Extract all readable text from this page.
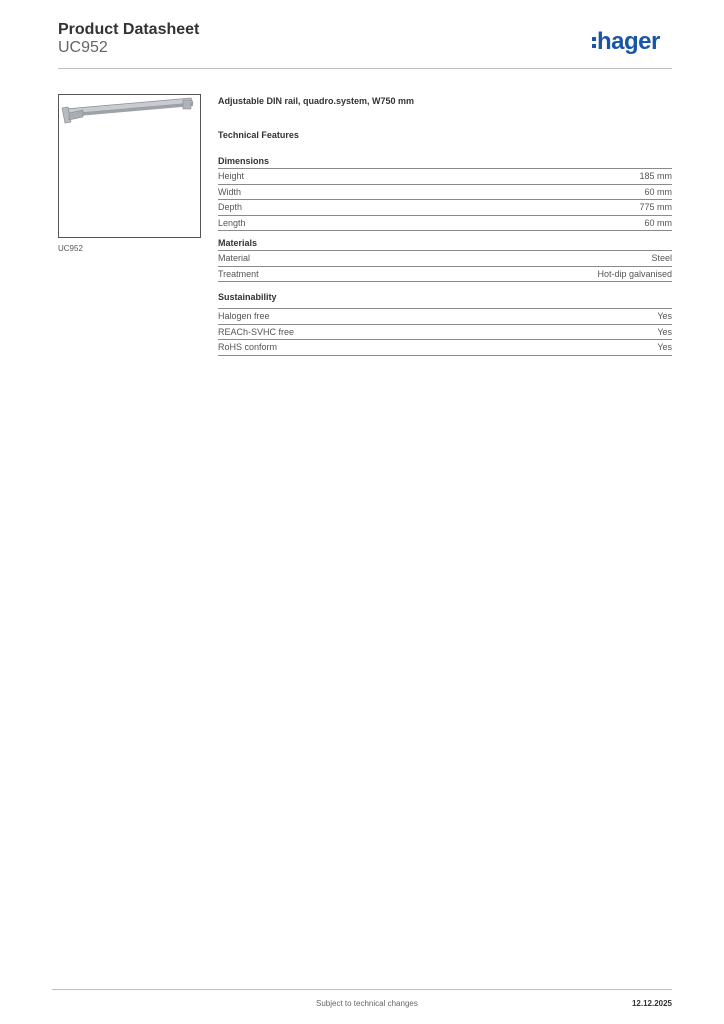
Product Datasheet
UC952	hager
UC952
Adjustable DIN rail, quadro.system, W750 mm
Technical Features
Dimensions
Height	185 mm
Width	60 mm
Depth	775 mm
Length	60 mm
Materials
Material	Steel
Treatment	Hot-dip galvanised
Sustainability
Halogen free	Yes
REACh-SVHC free	Yes
RoHS conform	Yes
Subject to technical changes	12.12.2025
